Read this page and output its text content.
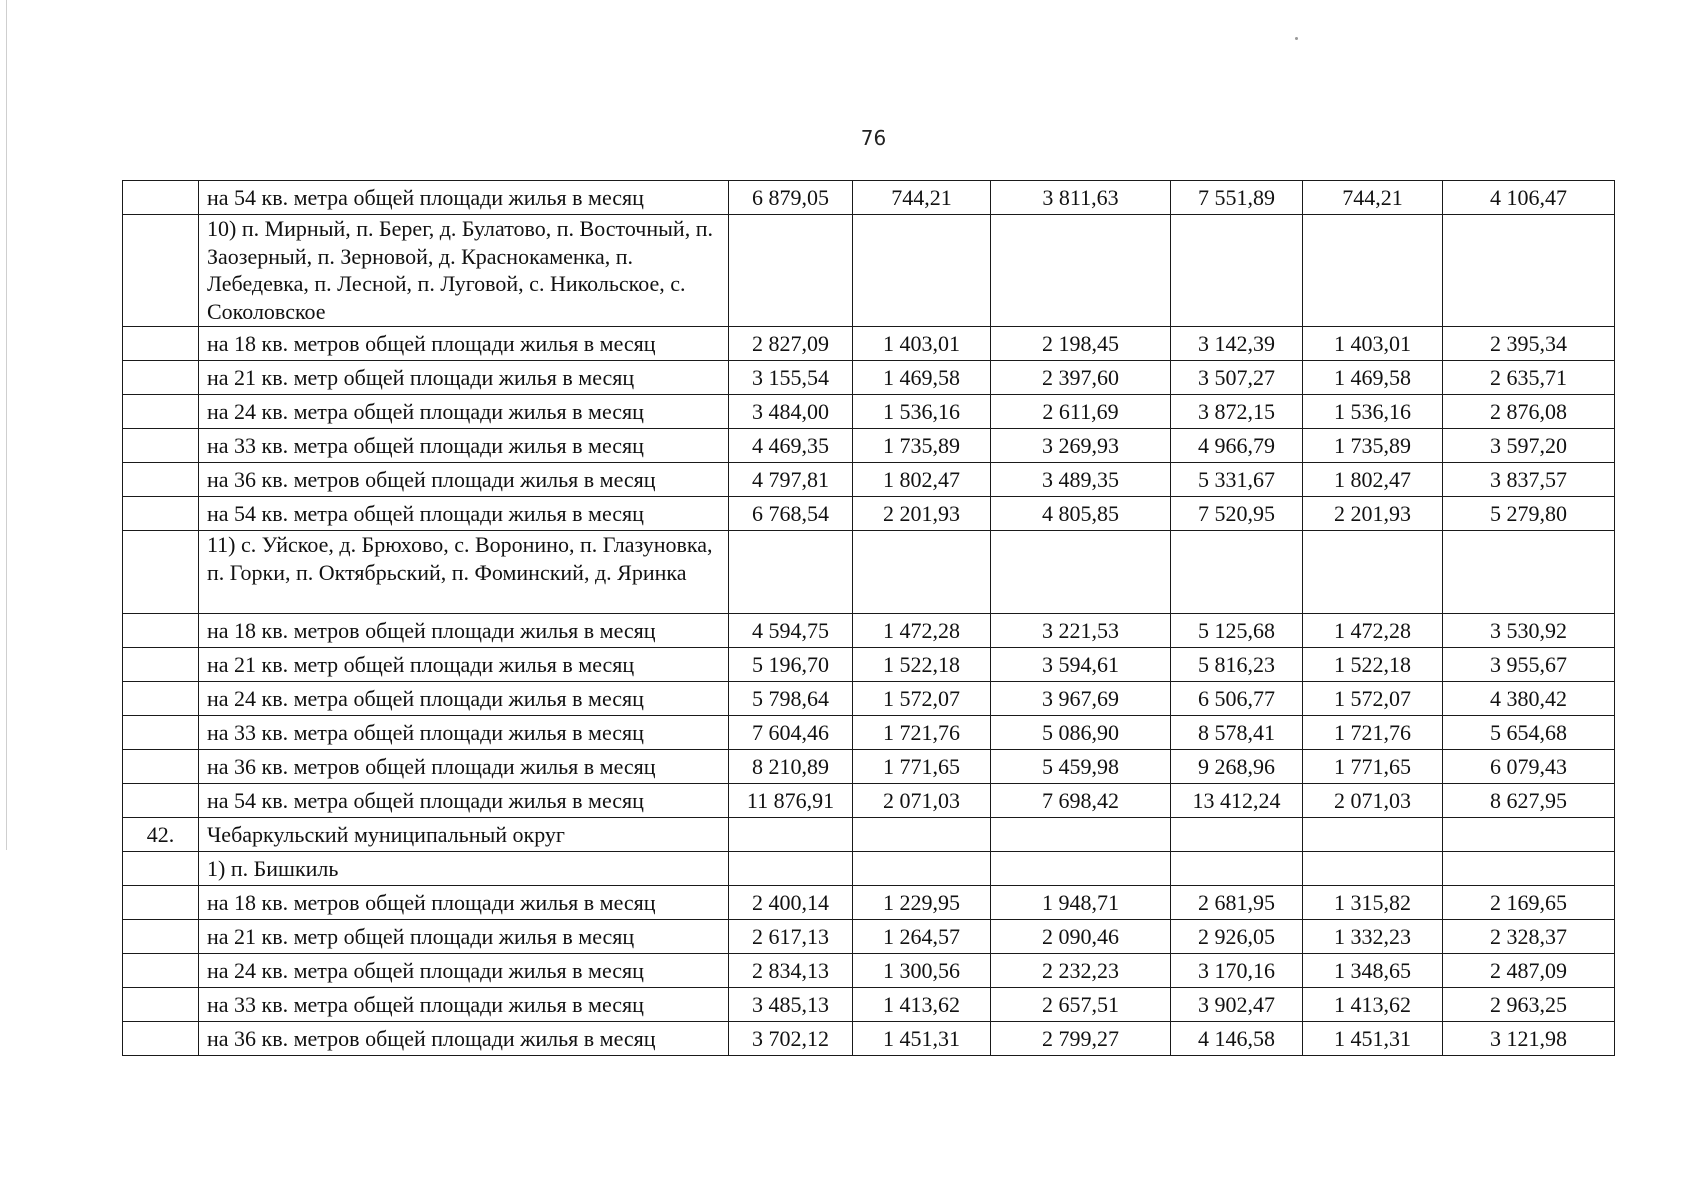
76
	на 54 кв. метра общей площади жилья в месяц	6 879,05	744,21	3 811,63	7 551,89	744,21	4 106,47
	10) п. Мирный, п. Берег, д. Булатово, п. Восточный, п. Заозерный, п. Зерновой, д. Краснокаменка, п. Лебедевка, п. Лесной, п. Луговой, с. Никольское, с. Соколовское						
	на 18 кв. метров общей площади жилья в месяц	2 827,09	1 403,01	2 198,45	3 142,39	1 403,01	2 395,34
	на 21 кв. метр общей площади жилья в месяц	3 155,54	1 469,58	2 397,60	3 507,27	1 469,58	2 635,71
	на 24 кв. метра общей площади жилья в месяц	3 484,00	1 536,16	2 611,69	3 872,15	1 536,16	2 876,08
	на 33 кв. метра общей площади жилья в месяц	4 469,35	1 735,89	3 269,93	4 966,79	1 735,89	3 597,20
	на 36 кв. метров общей площади жилья в месяц	4 797,81	1 802,47	3 489,35	5 331,67	1 802,47	3 837,57
	на 54 кв. метра общей площади жилья в месяц	6 768,54	2 201,93	4 805,85	7 520,95	2 201,93	5 279,80
	11) с. Уйское, д. Брюхово, с. Воронино, п. Глазуновка, п. Горки, п. Октябрьский, п. Фоминский, д. Яринка						
	на 18 кв. метров общей площади жилья в месяц	4 594,75	1 472,28	3 221,53	5 125,68	1 472,28	3 530,92
	на 21 кв. метр общей площади жилья в месяц	5 196,70	1 522,18	3 594,61	5 816,23	1 522,18	3 955,67
	на 24 кв. метра общей площади жилья в месяц	5 798,64	1 572,07	3 967,69	6 506,77	1 572,07	4 380,42
	на 33 кв. метра общей площади жилья в месяц	7 604,46	1 721,76	5 086,90	8 578,41	1 721,76	5 654,68
	на 36 кв. метров общей площади жилья в месяц	8 210,89	1 771,65	5 459,98	9 268,96	1 771,65	6 079,43
	на 54 кв. метра общей площади жилья в месяц	11 876,91	2 071,03	7 698,42	13 412,24	2 071,03	8 627,95
42.	Чебаркульский муниципальный округ						
	1) п. Бишкиль						
	на 18 кв. метров общей площади жилья в месяц	2 400,14	1 229,95	1 948,71	2 681,95	1 315,82	2 169,65
	на 21 кв. метр общей площади жилья в месяц	2 617,13	1 264,57	2 090,46	2 926,05	1 332,23	2 328,37
	на 24 кв. метра общей площади жилья в месяц	2 834,13	1 300,56	2 232,23	3 170,16	1 348,65	2 487,09
	на 33 кв. метра общей площади жилья в месяц	3 485,13	1 413,62	2 657,51	3 902,47	1 413,62	2 963,25
	на 36 кв. метров общей площади жилья в месяц	3 702,12	1 451,31	2 799,27	4 146,58	1 451,31	3 121,98
